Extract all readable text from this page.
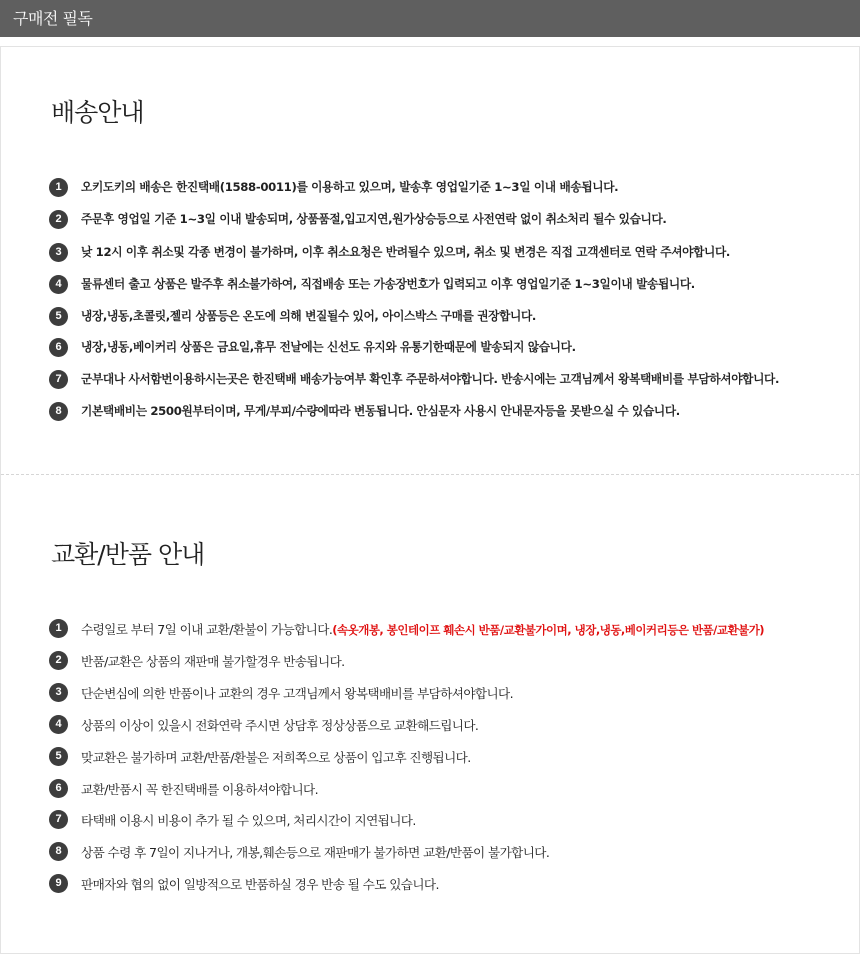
구매전 필독
배송안내
1	오키도키의 배송은 한진택배(1588-0011)를 이용하고 있으며, 발송후 영업일기준 1~3일 이내 배송됩니다.
2	주문후 영업일 기준 1~3일 이내 발송되며, 상품품절,입고지연,원가상승등으로 사전연락 없이 취소처리 될수 있습니다.
3	낮 12시 이후 취소및 각종 변경이 불가하며, 이후 취소요청은 반려될수 있으며, 취소 및 변경은 직접 고객센터로 연락 주셔야합니다.
4	물류센터 출고 상품은 발주후 취소불가하여, 직접배송 또는 가송장번호가 입력되고 이후 영업일기준 1~3일이내 발송됩니다.
5	냉장,냉동,초콜릿,젤리 상품등은 온도에 의해 변질될수 있어, 아이스박스 구매를 권장합니다.
6	냉장,냉동,베이커리 상품은 금요일,휴무 전날에는 신선도 유지와 유통기한때문에 발송되지 않습니다.
7	군부대나 사서함번이용하시는곳은 한진택배 배송가능여부 확인후 주문하셔야합니다. 반송시에는 고객님께서 왕복택배비를 부담하셔야합니다.
8	기본택배비는 2500원부터이며, 무게/부피/수량에따라 변동됩니다. 안심문자 사용시 안내문자등을 못받으실 수 있습니다.
교환/반품 안내
1	수령일로 부터 7일 이내 교환/환불이 가능합니다.(속옷개봉, 봉인테이프 훼손시 반품/교환불가이며, 냉장,냉동,베이커리등은 반품/교환불가)
2	반품/교환은 상품의 재판매 불가할경우 반송됩니다.
3	단순변심에 의한 반품이나 교환의 경우 고객님께서 왕복택배비를 부담하셔야합니다.
4	상품의 이상이 있을시 전화연락 주시면 상담후 정상상품으로 교환해드립니다.
5	맞교환은 불가하며 교환/반품/환불은 저희쪽으로 상품이 입고후 진행됩니다.
6	교환/반품시 꼭 한진택배를 이용하셔야합니다.
7	타택배 이용시 비용이 추가 될 수 있으며, 처리시간이 지연됩니다.
8	상품 수령 후 7일이 지나거나, 개봉,훼손등으로 재판매가 불가하면 교환/반품이 불가합니다.
9	판매자와 협의 없이 일방적으로 반품하실 경우 반송 될 수도 있습니다.
